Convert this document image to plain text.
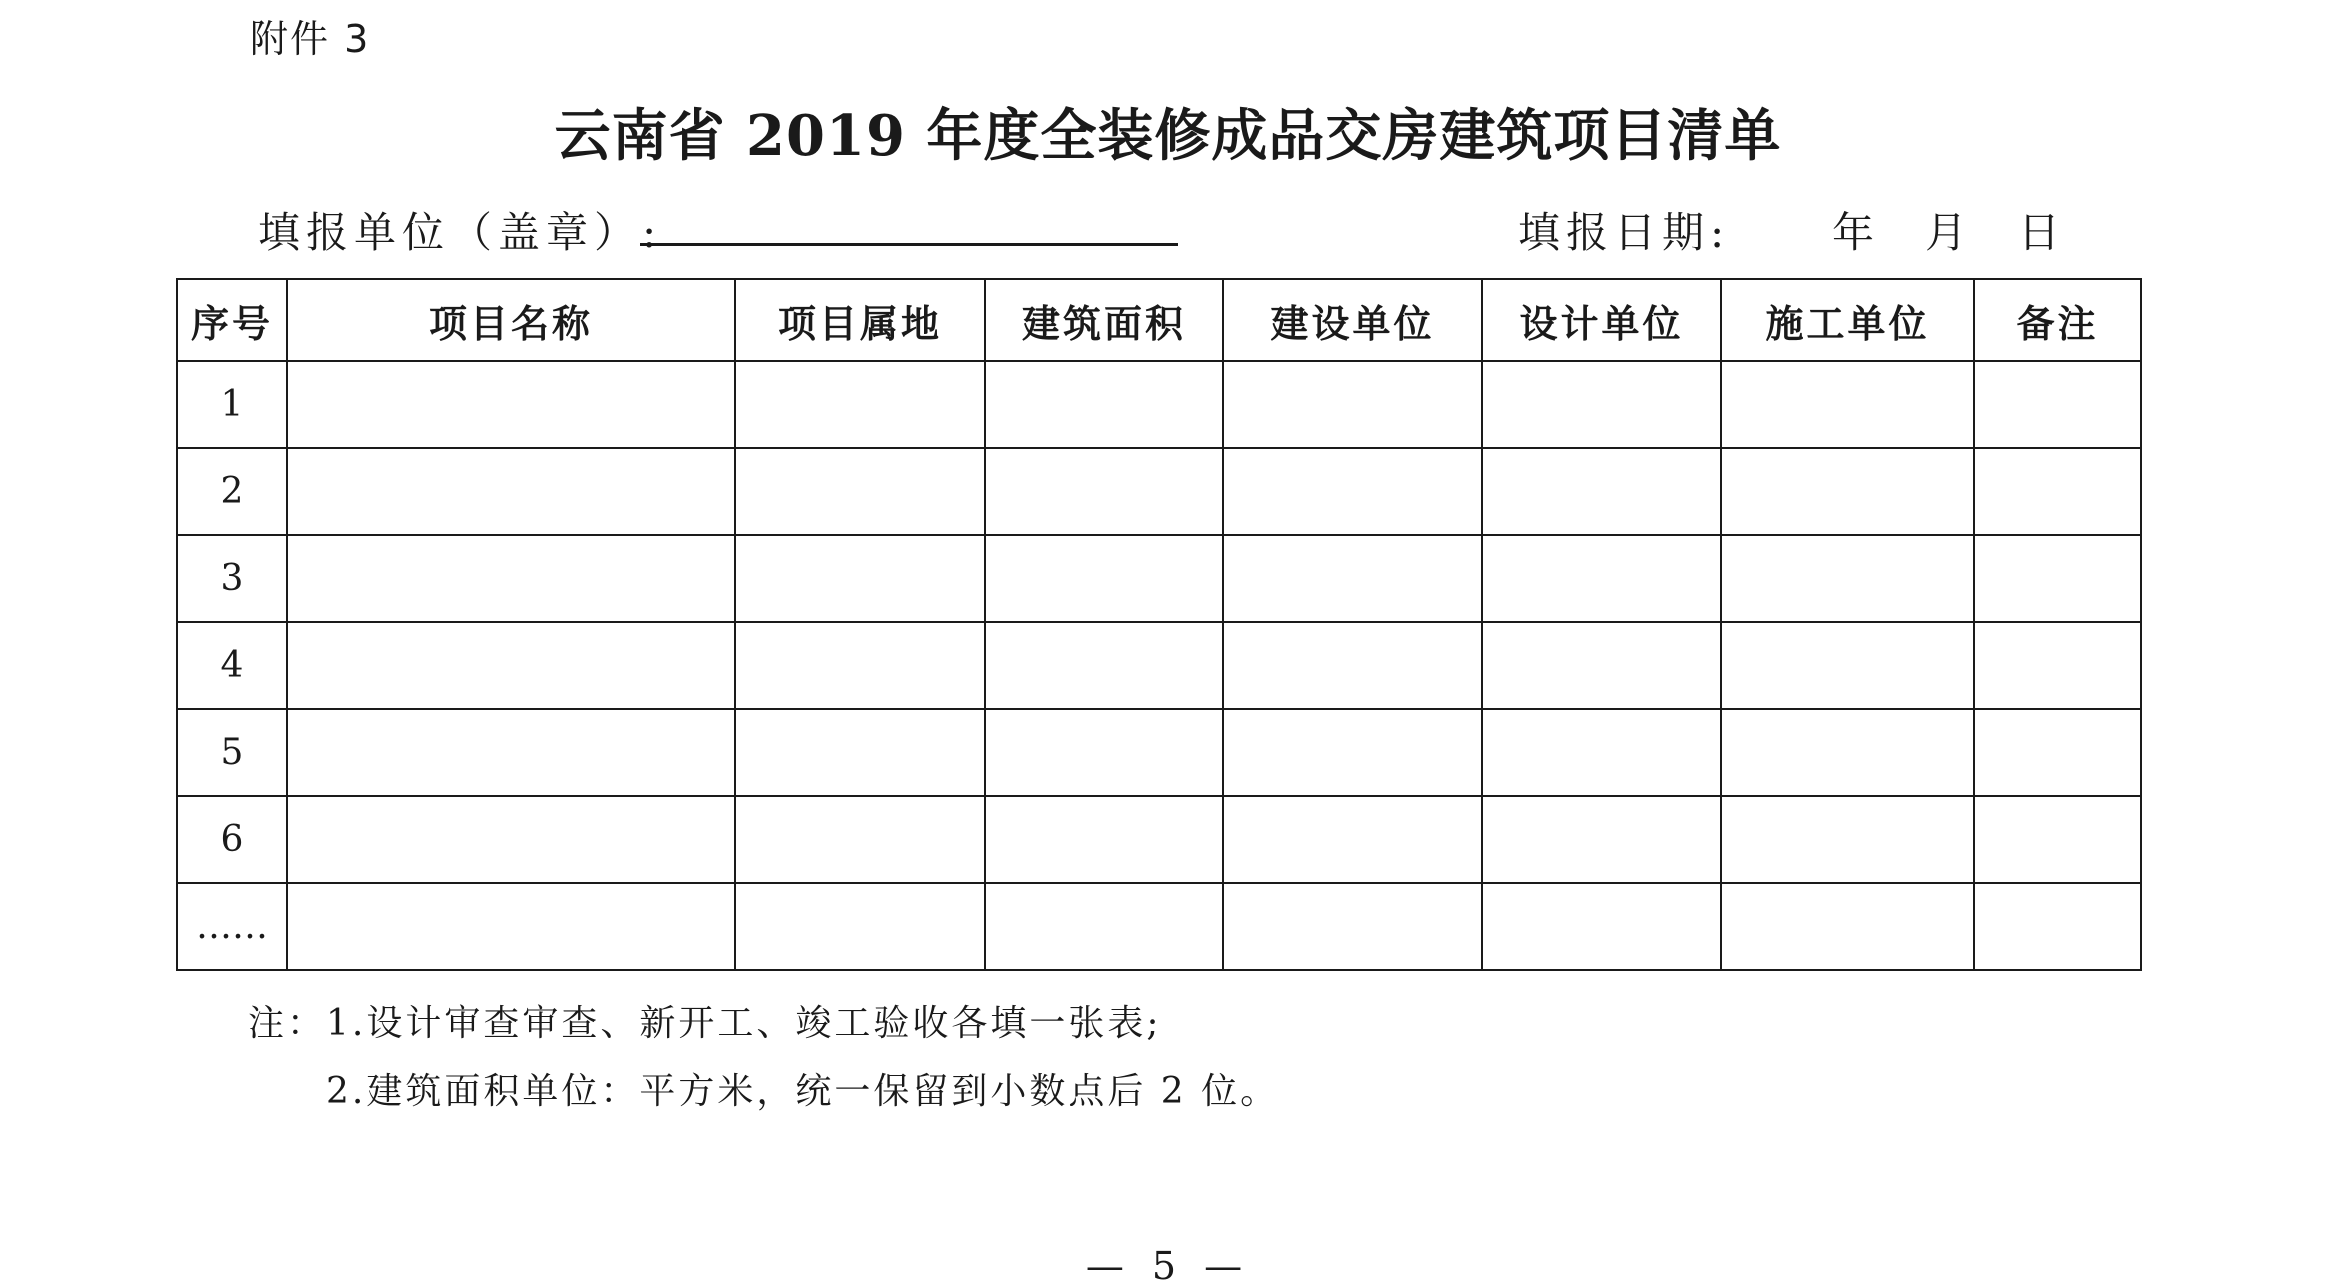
附件 3
云南省 2019 年度全装修成品交房建筑项目清单
填报单位（盖章）:	填报日期: 年 月 日
序号	项目名称	项目属地	建筑面积	建设单位	设计单位	施工单位	备注
1							
2							
3							
4							
5							
6							
……							
注：1.设计审查审查、新开工、竣工验收各填一张表;
2.建筑面积单位：平方米，统一保留到小数点后 2 位。
— 5 —
